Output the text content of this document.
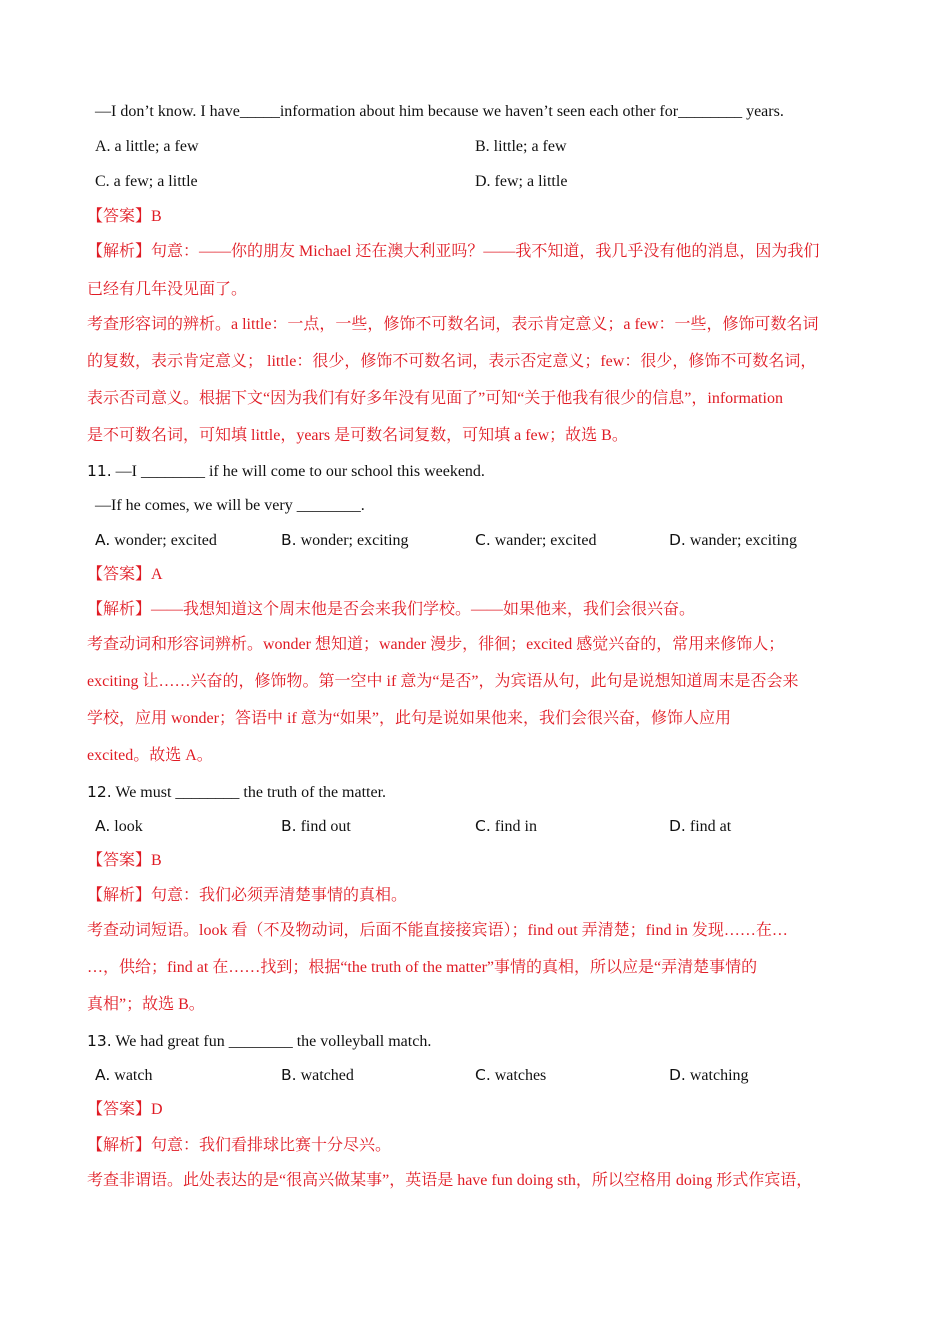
—I don’t know. I have_____information about him because we haven’t seen each other for________ years.
A. a little; a few	B. little; a few
C. a few; a little	D. few; a little
【答案】B
【解析】句意：——你的朋友 Michael 还在澳大利亚吗？——我不知道，我几乎没有他的消息，因为我们
已经有几年没见面了。
考查形容词的辨析。a little：一点，一些，修饰不可数名词，表示肯定意义；a few：一些，修饰可数名词
的复数，表示肯定意义； little：很少，修饰不可数名词，表示否定意义；few：很少，修饰不可数名词，
表示否司意义。根据下文“因为我们有好多年没有见面了”可知“关于他我有很少的信息”，information
是不可数名词，可知填 little，years 是可数名词复数，可知填 a few；故选 B。
11. —I ________ if he will come to our school this weekend.
—If he comes, we will be very ________.
A. wonder; excited	B. wonder; exciting	C. wander; excited	D. wander; exciting
【答案】A
【解析】——我想知道这个周末他是否会来我们学校。——如果他来，我们会很兴奋。
考查动词和形容词辨析。wonder 想知道；wander 漫步，徘徊；excited 感觉兴奋的，常用来修饰人；
exciting 让……兴奋的，修饰物。第一空中 if 意为“是否”，为宾语从句，此句是说想知道周末是否会来
学校，应用 wonder；答语中 if 意为“如果”，此句是说如果他来，我们会很兴奋，修饰人应用
excited。故选 A。
12. We must ________ the truth of the matter.
A. look	B. find out	C. find in	D. find at
【答案】B
【解析】句意：我们必须弄清楚事情的真相。
考查动词短语。look 看（不及物动词，后面不能直接接宾语）；find out 弄清楚；find in 发现……在…
…，供给；find at 在……找到；根据“the truth of the matter”事情的真相，所以应是“弄清楚事情的
真相”；故选 B。
13. We had great fun ________ the volleyball match.
A. watch	B. watched	C. watches	D. watching
【答案】D
【解析】句意：我们看排球比赛十分尽兴。
考查非谓语。此处表达的是“很高兴做某事”，英语是 have fun doing sth，所以空格用 doing 形式作宾语，
